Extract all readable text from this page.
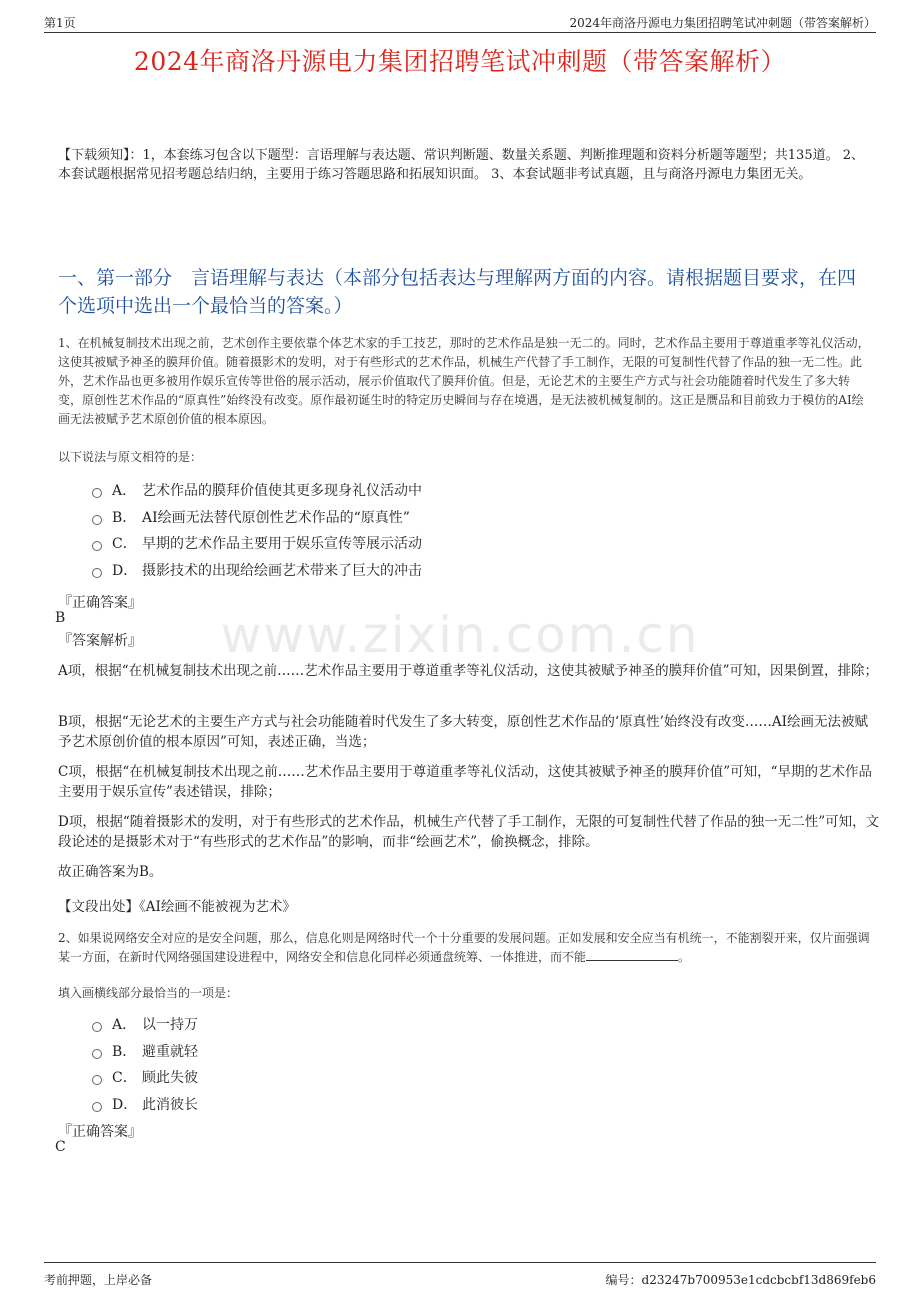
第1页	2024年商洛丹源电力集团招聘笔试冲刺题（带答案解析）
2024年商洛丹源电力集团招聘笔试冲刺题（带答案解析）
【下载须知】：1，本套练习包含以下题型：言语理解与表达题、常识判断题、数量关系题、判断推理题和资料分析题等题型；共135道。 2、本套试题根据常见招考题总结归纳，主要用于练习答题思路和拓展知识面。 3、本套试题非考试真题，且与商洛丹源电力集团无关。
一、第一部分　言语理解与表达（本部分包括表达与理解两方面的内容。请根据题目要求，在四个选项中选出一个最恰当的答案。）
1、在机械复制技术出现之前，艺术创作主要依靠个体艺术家的手工技艺，那时的艺术作品是独一无二的。同时，艺术作品主要用于尊道重孝等礼仪活动，这使其被赋予神圣的膜拜价值。随着摄影术的发明，对于有些形式的艺术作品，机械生产代替了手工制作，无限的可复制性代替了作品的独一无二性。此外，艺术作品也更多被用作娱乐宣传等世俗的展示活动，展示价值取代了膜拜价值。但是，无论艺术的主要生产方式与社会功能随着时代发生了多大转变，原创性艺术作品的“原真性”始终没有改变。原作最初诞生时的特定历史瞬间与存在境遇，是无法被机械复制的。这正是赝品和目前致力于模仿的AI绘画无法被赋予艺术原创价值的根本原因。
以下说法与原文相符的是：
A． 艺术作品的膜拜价值使其更多现身礼仪活动中
B． AI绘画无法替代原创性艺术作品的“原真性”
C． 早期的艺术作品主要用于娱乐宣传等展示活动
D． 摄影技术的出现给绘画艺术带来了巨大的冲击
『正确答案』
B
『答案解析』	www.zixin.com.cn
A项，根据“在机械复制技术出现之前……艺术作品主要用于尊道重孝等礼仪活动，这使其被赋予神圣的膜拜价值”可知，因果倒置，排除；
B项，根据“无论艺术的主要生产方式与社会功能随着时代发生了多大转变，原创性艺术作品的‘原真性’始终没有改变……AI绘画无法被赋予艺术原创价值的根本原因”可知，表述正确，当选；
C项，根据“在机械复制技术出现之前……艺术作品主要用于尊道重孝等礼仪活动，这使其被赋予神圣的膜拜价值”可知，“早期的艺术作品主要用于娱乐宣传”表述错误，排除；
D项，根据“随着摄影术的发明，对于有些形式的艺术作品，机械生产代替了手工制作，无限的可复制性代替了作品的独一无二性”可知，文段论述的是摄影术对于“有些形式的艺术作品”的影响，而非“绘画艺术”，偷换概念，排除。
故正确答案为B。
【文段出处】《AI绘画不能被视为艺术》
2、如果说网络安全对应的是安全问题，那么，信息化则是网络时代一个十分重要的发展问题。正如发展和安全应当有机统一，不能割裂开来，仅片面强调某一方面，在新时代网络强国建设进程中，网络安全和信息化同样必须通盘统筹、一体推进，而不能	。
填入画横线部分最恰当的一项是：
A． 以一持万
B． 避重就轻
C． 顾此失彼
D． 此消彼长
『正确答案』
C
考前押题，上岸必备	编号：d23247b700953e1cdcbcbf13d869feb6
